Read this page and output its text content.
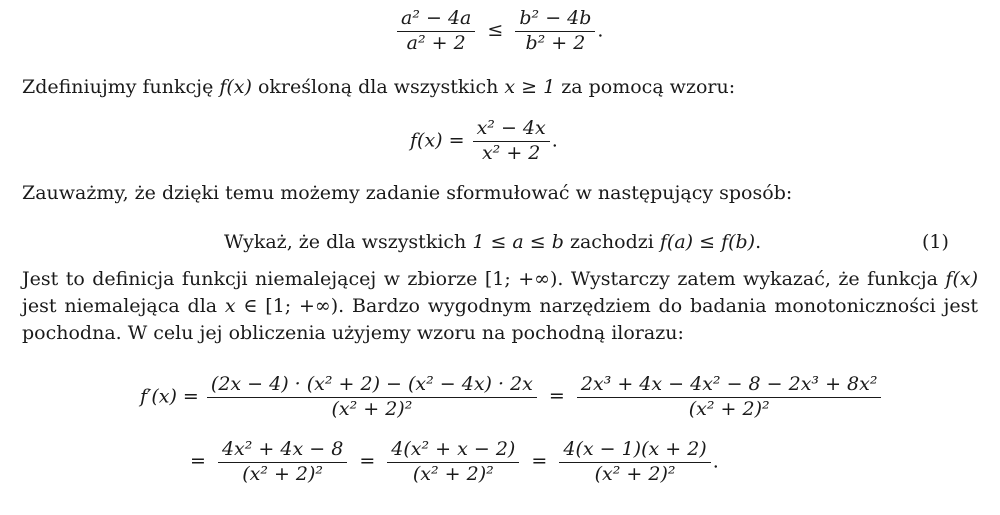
$\frac{\text{a² − 4a}}{\text{a² + 2}} \le \frac{\text{b² − 4b}}{\text{b² + 2}}$ .
Zdefiniujmy funkcję f(x) określoną dla wszystkich x ≥ 1 za pomocą wzoru:
$f(x) = \frac{\text{x² − 4x}}{\text{x² + 2}}$ .
Zauważmy, że dzięki temu możemy zadanie sformułować w następujący sposób:
Wykaż, że dla wszystkich 1 ≤ a ≤ b zachodzi f(a) ≤ f(b).	(1)
Jest to definicja funkcji niemalejącej w zbiorze [1; +∞). Wystarczy zatem wykazać, że funkcja f(x)
jest niemalejąca dla x ∈ [1; +∞). Bardzo wygodnym narzędziem do badania monotoniczności jest
pochodna. W celu jej obliczenia użyjemy wzoru na pochodną ilorazu:
$f'(x) = \frac{\text{(2x − 4) · (x² + 2) − (x² − 4x) · 2x}}{\text{(x² + 2)²}} = \frac{\text{2x³ + 4x − 4x² − 8 − 2x³ + 8x²}}{\text{(x² + 2)²}}$
= $\frac{\text{4x² + 4x − 8}}{\text{(x² + 2)²}} = \frac{\text{4(x² + x − 2)}}{\text{(x² + 2)²}} = \frac{4(x - 1)(x + 2)}{\text{(x² + 2)²}}$ .
